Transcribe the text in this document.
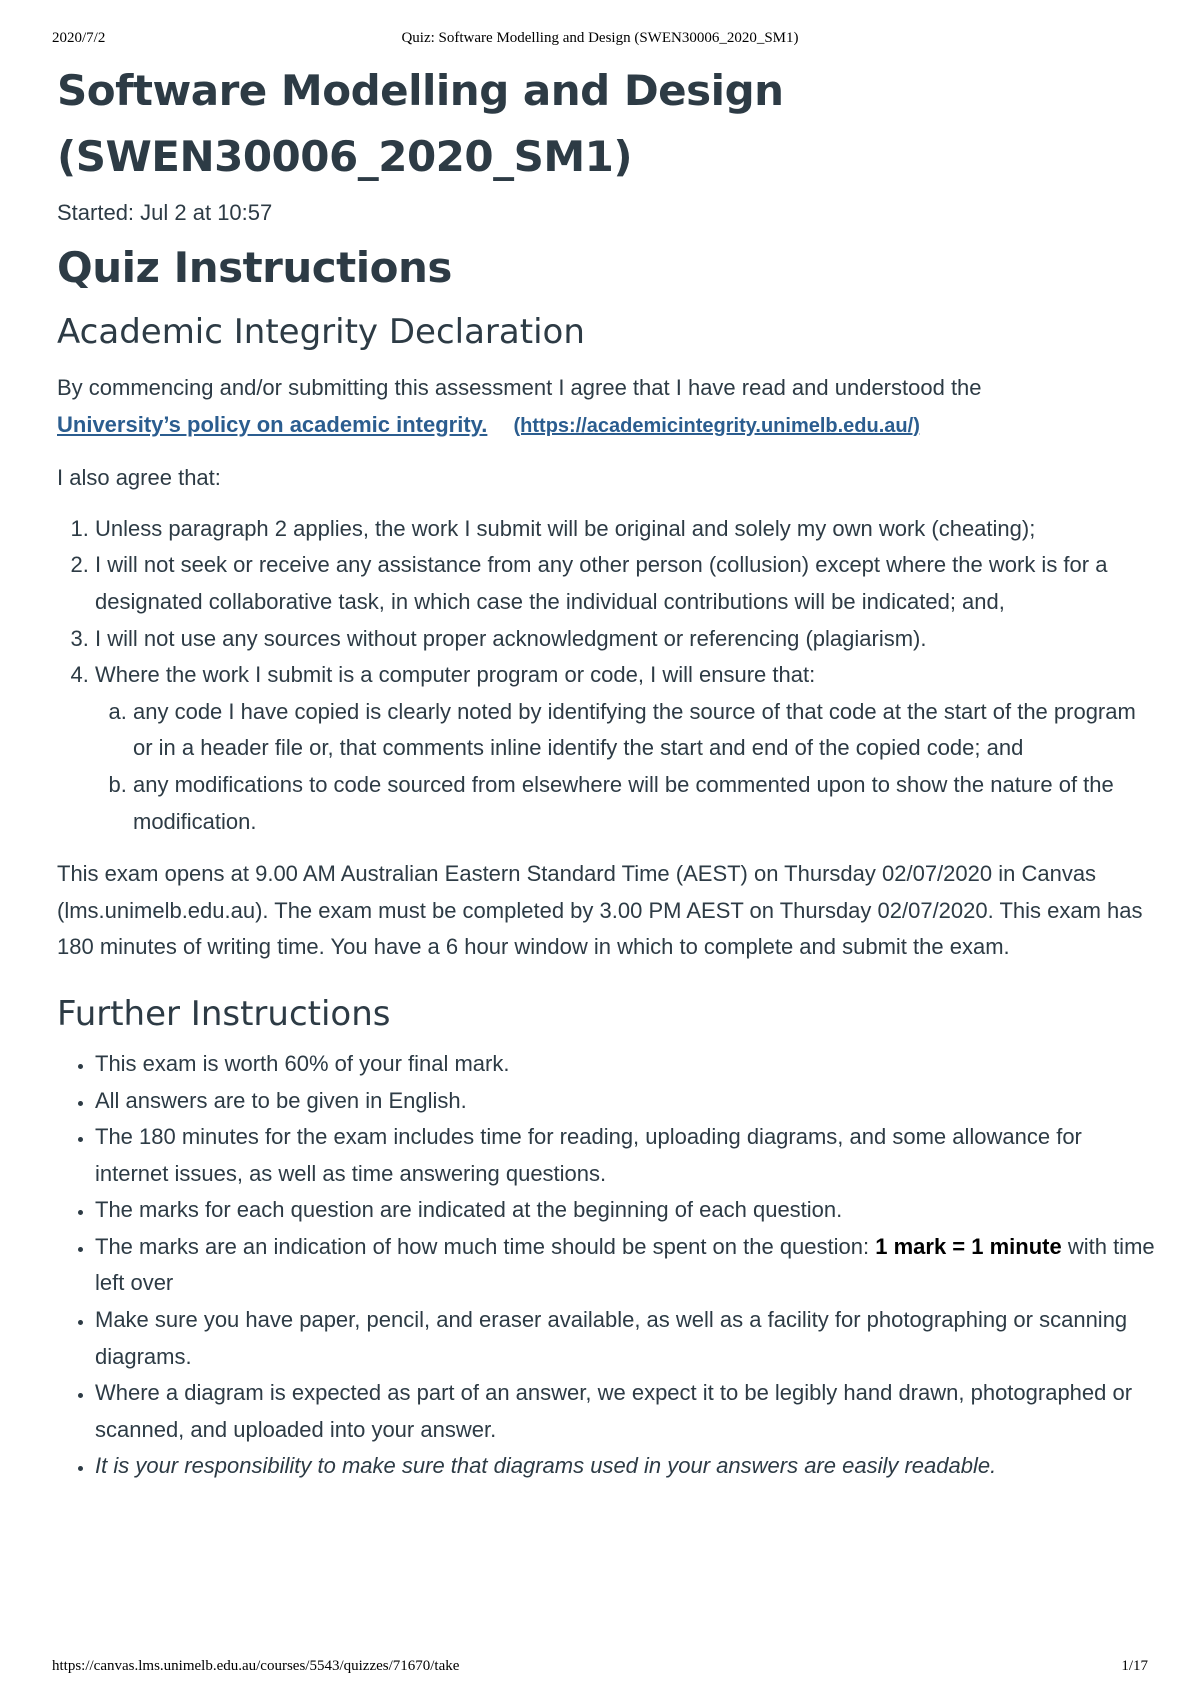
2020/7/2	Quiz: Software Modelling and Design (SWEN30006_2020_SM1)
Software Modelling and Design
(SWEN30006_2020_SM1)
Started: Jul 2 at 10:57
Quiz Instructions
Academic Integrity Declaration

By commencing and/or submitting this assessment I agree that I have read and understood the
University’s policy on academic integrity. (https://academicintegrity.unimelb.edu.au/)

I also agree that:

1. Unless paragraph 2 applies, the work I submit will be original and solely my own work (cheating);
2. I will not seek or receive any assistance from any other person (collusion) except where the work is for a designated collaborative task, in which case the individual contributions will be indicated; and,
3. I will not use any sources without proper acknowledgment or referencing (plagiarism).
4. Where the work I submit is a computer program or code, I will ensure that:
a. any code I have copied is clearly noted by identifying the source of that code at the start of the program or in a header file or, that comments inline identify the start and end of the copied code; and
b. any modifications to code sourced from elsewhere will be commented upon to show the nature of the modification.

This exam opens at 9.00 AM Australian Eastern Standard Time (AEST) on Thursday 02/07/2020 in Canvas (lms.unimelb.edu.au). The exam must be completed by 3.00 PM AEST on Thursday 02/07/2020. This exam has 180 minutes of writing time. You have a 6 hour window in which to complete and submit the exam.

Further Instructions
• This exam is worth 60% of your final mark.
• All answers are to be given in English.
• The 180 minutes for the exam includes time for reading, uploading diagrams, and some allowance for internet issues, as well as time answering questions.
• The marks for each question are indicated at the beginning of each question.
• The marks are an indication of how much time should be spent on the question: 1 mark = 1 minute with time left over
• Make sure you have paper, pencil, and eraser available, as well as a facility for photographing or scanning diagrams.
• Where a diagram is expected as part of an answer, we expect it to be legibly hand drawn, photographed or scanned, and uploaded into your answer.
• It is your responsibility to make sure that diagrams used in your answers are easily readable.
https://canvas.lms.unimelb.edu.au/courses/5543/quizzes/71670/take	1/17
